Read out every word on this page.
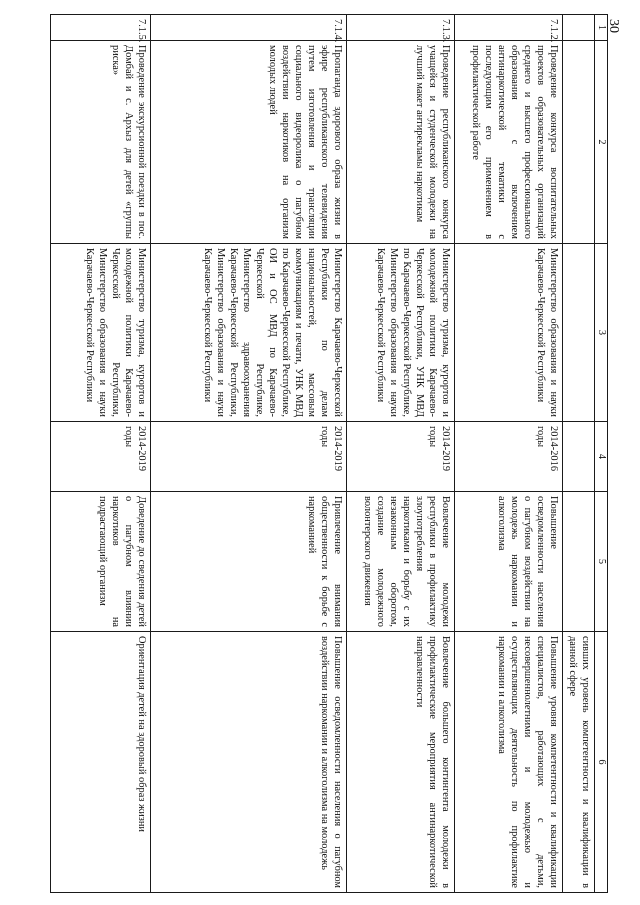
30
1	2	3	4	5	6
					сивших уровень компетентности и квалификации в данной сфере
7.1.2.	Проведение конкурса воспитательных проектов образовательных организаций среднего и высшего профессионального образования с включением антинаркотической тематики с последующим его применением в профилактической работе	Министерство образования и науки Карачаево-Черкесской Республики	2014-2016 годы	Повышение осведомленности населения о пагубном воздействии на молодежь наркомании и алкоголизма	Повышение уровня компетентности и квалификации специалистов, работающих с детьми, несовершеннолетними и молодежью и осуществляющих деятельность по профилактике наркомании и алкоголизма
7.1.3.	Проведение республиканского конкурса учащейся и студенческой молодежи на лучший макет антирекламы наркотикам	Министерство туризма, курортов и молодежной политики Карачаево-Черкесской Республики, УНК МВД по Карачаево-Черкесской Республике, Министерство образования и науки Карачаево-Черкесской Республики	2014-2019 годы	Вовлечение молодежи республики в профилактику злоупотребления наркотиками и борьбу с их незаконным оборотом, создание молодежного волонтерского движения	Вовлечение большего контингента молодежи в профилактические мероприятия антинаркотической направленности
7.1.4.	Пропаганда здорового образа жизни в эфире республиканского телевидения путем изготовления и трансляции социального видеоролика о пагубном воздействии наркотиков на организм молодых людей	Министерство Карачаево-Черкесской Республики по делам национальностей, массовым коммуникациям и печати, УНК МВД по Карачаево-Черкесской Республике, ОИ и ОС МВД по Карачаево-Черкесской Республике, Министерство здравоохранения Карачаево-Черкесской Республики, Министерство образования и науки Карачаево-Черкесской Республики	2014-2019 годы	Привлечение внимания общественности к борьбе с наркоманией	Повышение осведомленности населения о пагубном воздействии наркомании и алкоголизма на молодежь
7.1.5.	Проведение экскурсионной поездки в пос. Домбай и с. Архыз для детей «группы риска»	Министерство туризма, курортов и молодежной политики Карачаево-Черкесской Республики, Министерство образования и науки Карачаево-Черкесской Республики	2014-2019 годы	Доведение до сведения детей о пагубном влиянии наркотиков на подрастающий организм	Ориентация детей на здоровый образ жизни
